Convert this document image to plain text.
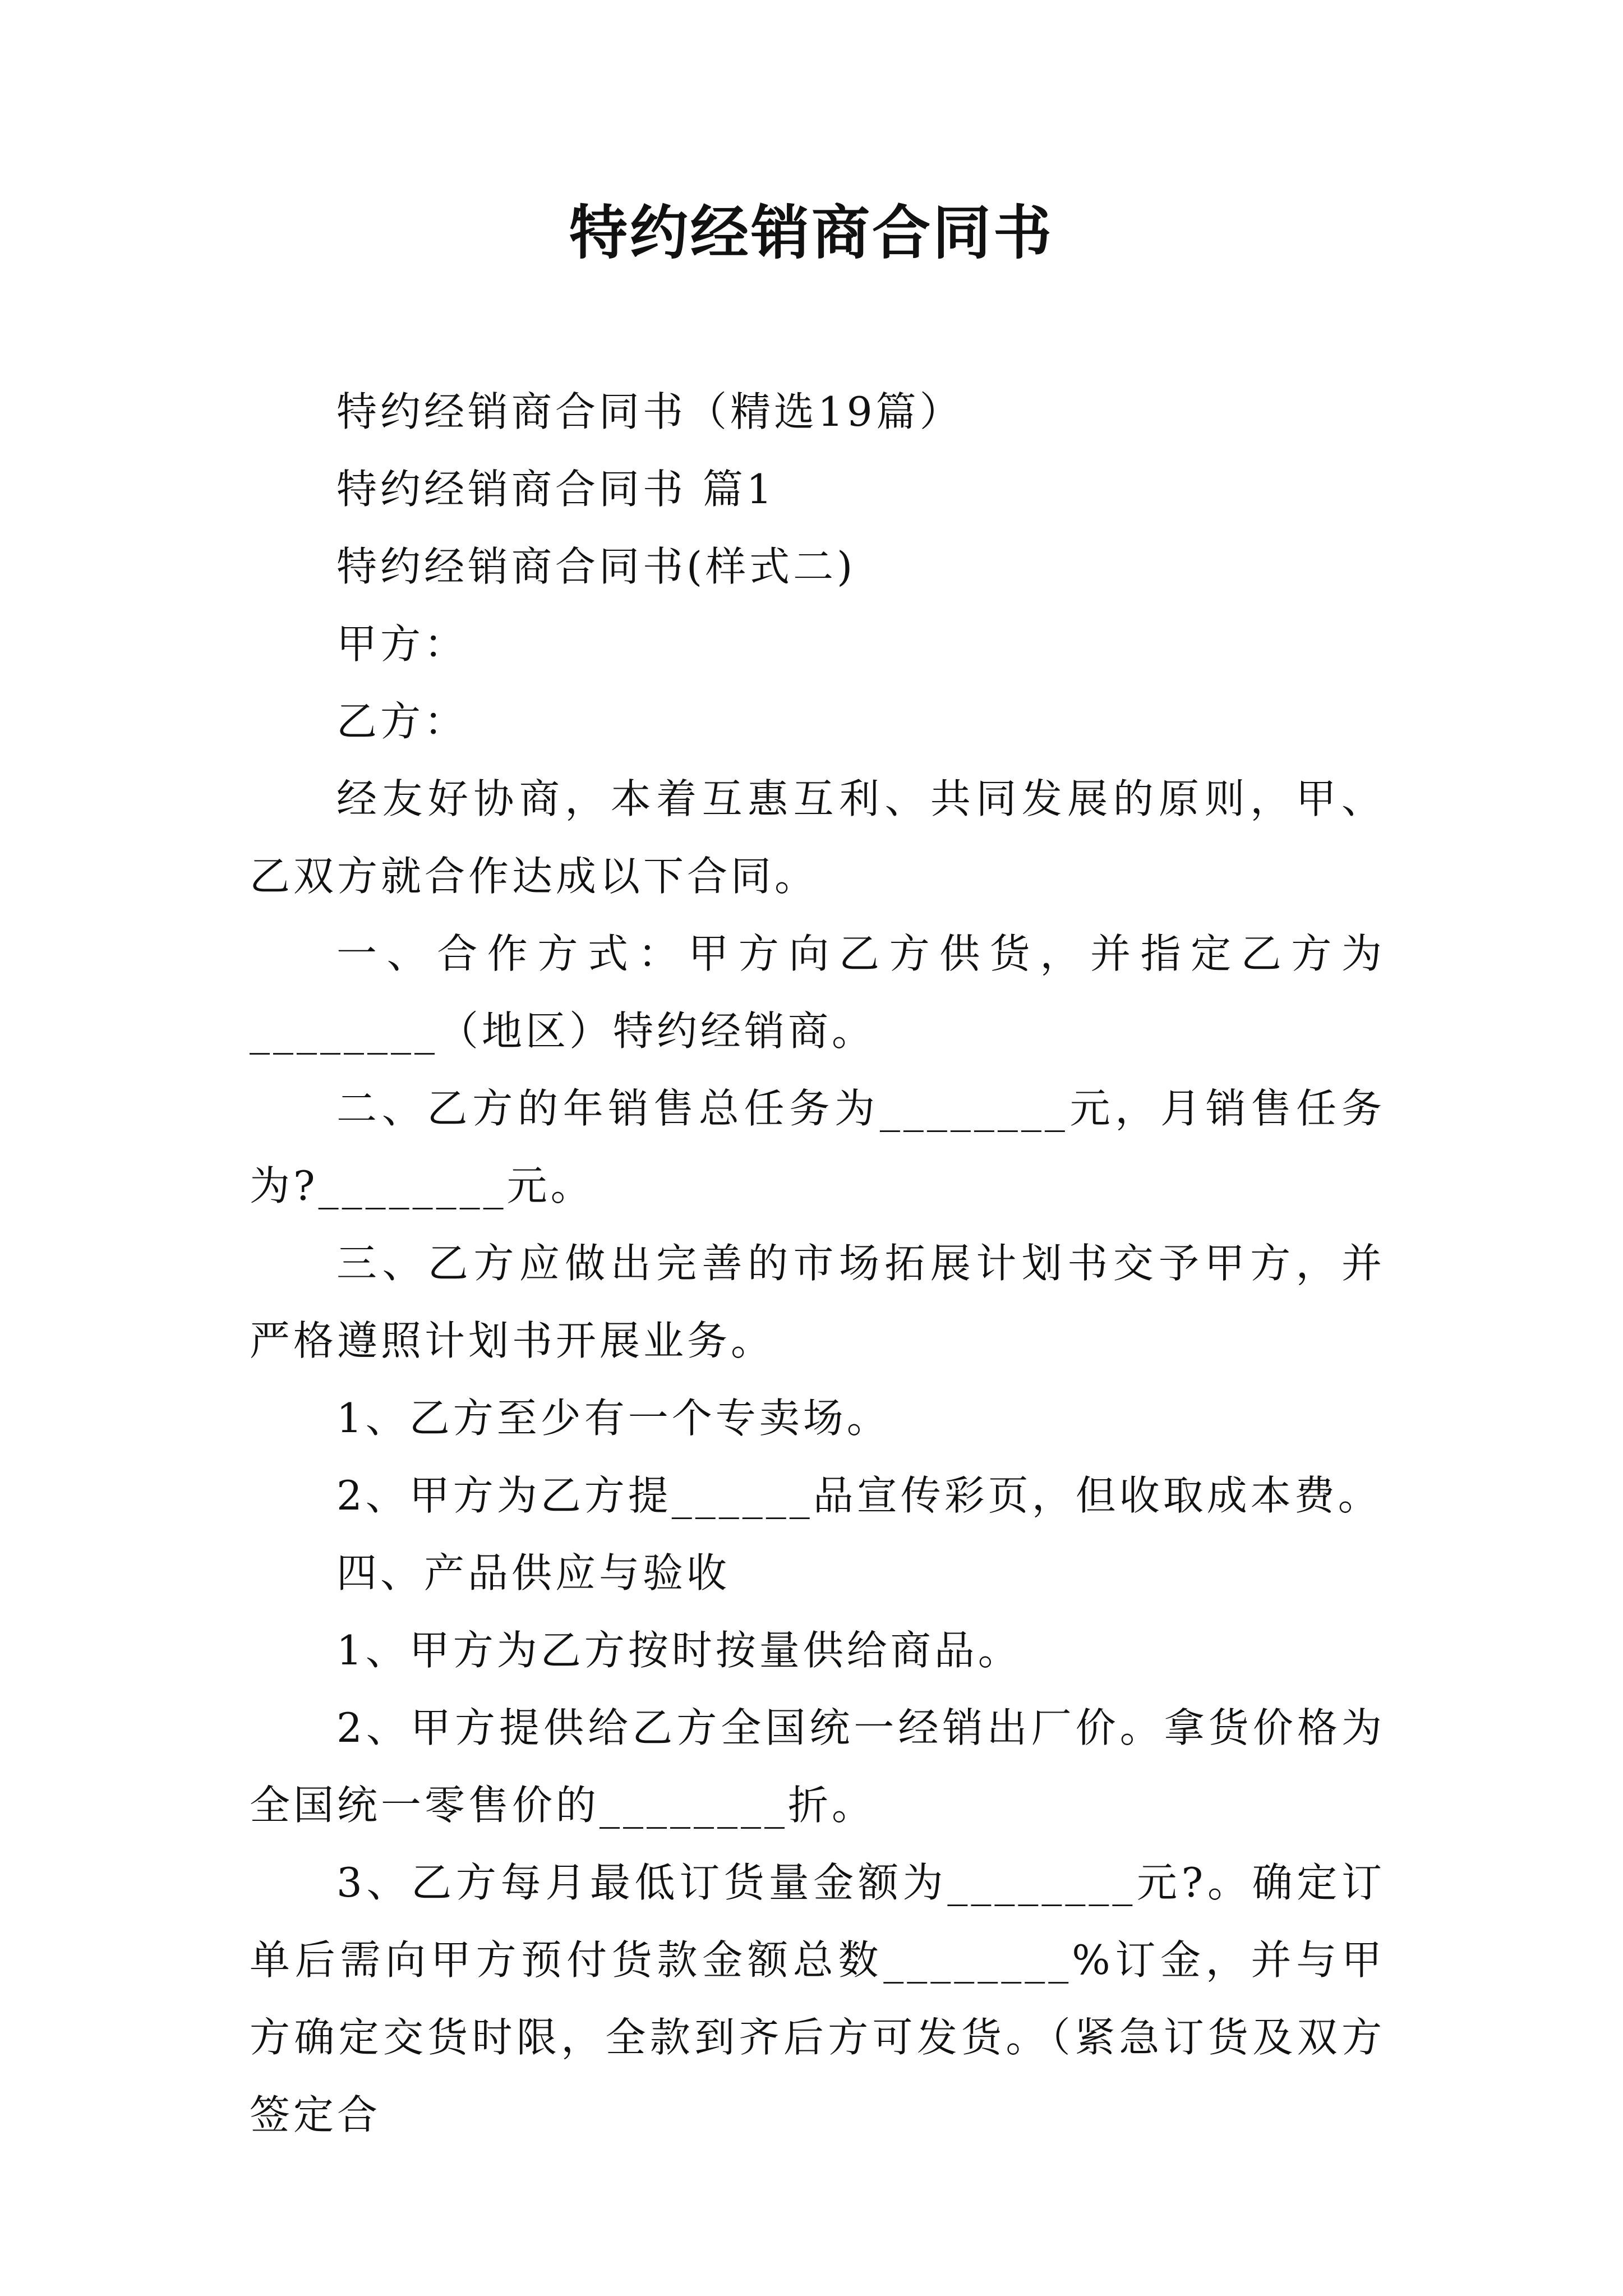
特约经销商合同书

特约经销商合同书（精选19篇）

特约经销商合同书 篇1

特约经销商合同书(样式二)

甲方：

乙方：

经友好协商，本着互惠互利、共同发展的原则，甲、乙双方就合作达成以下合同。

一、合作方式：甲方向乙方供货，并指定乙方为________（地区）特约经销商。

二、乙方的年销售总任务为________元，月销售任务为?________元。

三、乙方应做出完善的市场拓展计划书交予甲方，并严格遵照计划书开展业务。

1、乙方至少有一个专卖场。

2、甲方为乙方提______品宣传彩页，但收取成本费。

四、产品供应与验收

1、甲方为乙方按时按量供给商品。

2、甲方提供给乙方全国统一经销出厂价。拿货价格为全国统一零售价的________折。

3、乙方每月最低订货量金额为________元?。确定订单后需向甲方预付货款金额总数________%订金，并与甲方确定交货时限，全款到齐后方可发货。（紧急订货及双方签定合
